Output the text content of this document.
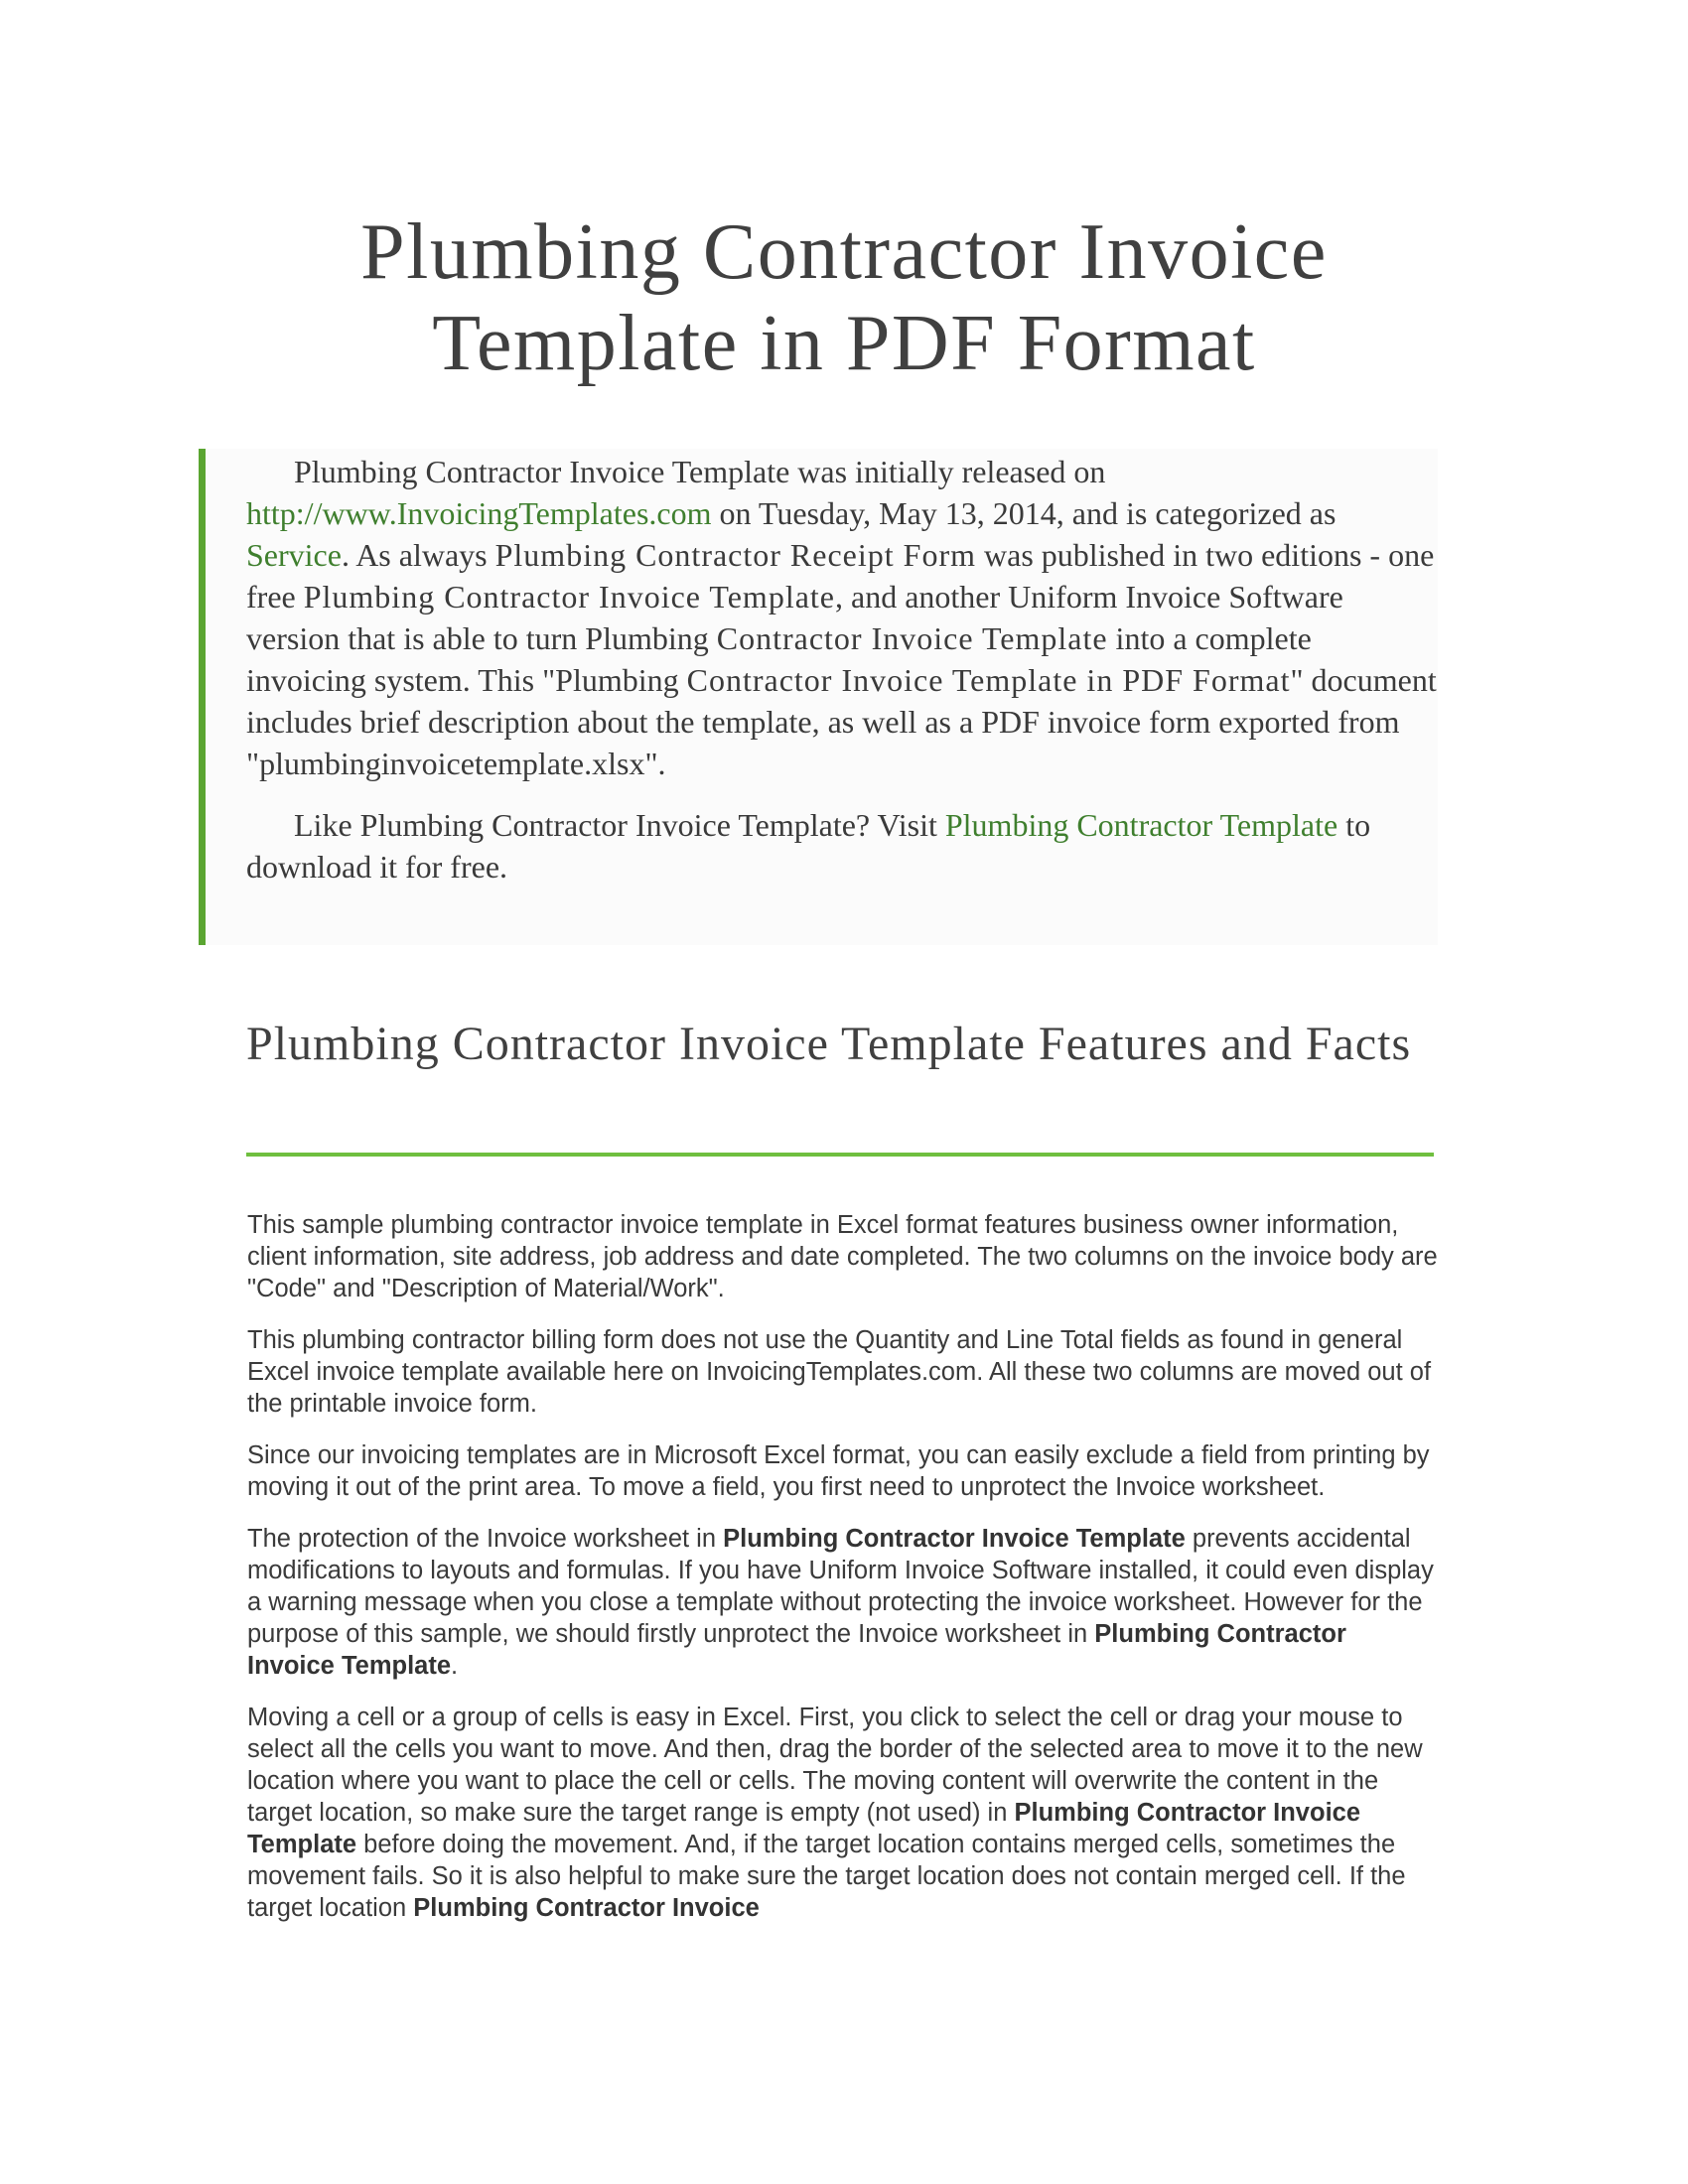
Plumbing Contractor Invoice
Template in PDF Format

Plumbing Contractor Invoice Template was initially released on http://www.InvoicingTemplates.com on Tuesday, May 13, 2014, and is categorized as Service. As always Plumbing Contractor Receipt Form was published in two editions - one free Plumbing Contractor Invoice Template, and another Uniform Invoice Software version that is able to turn Plumbing Contractor Invoice Template into a complete invoicing system. This "Plumbing Contractor Invoice Template in PDF Format" document includes brief description about the template, as well as a PDF invoice form exported from "plumbinginvoicetemplate.xlsx".

Like Plumbing Contractor Invoice Template? Visit Plumbing Contractor Template to download it for free.

Plumbing Contractor Invoice Template Features and Facts

This sample plumbing contractor invoice template in Excel format features business owner information, client information, site address, job address and date completed. The two columns on the invoice body are "Code" and "Description of Material/Work".

This plumbing contractor billing form does not use the Quantity and Line Total fields as found in general Excel invoice template available here on InvoicingTemplates.com. All these two columns are moved out of the printable invoice form.

Since our invoicing templates are in Microsoft Excel format, you can easily exclude a field from printing by moving it out of the print area. To move a field, you first need to unprotect the Invoice worksheet.

The protection of the Invoice worksheet in Plumbing Contractor Invoice Template prevents accidental modifications to layouts and formulas. If you have Uniform Invoice Software installed, it could even display a warning message when you close a template without protecting the invoice worksheet. However for the purpose of this sample, we should firstly unprotect the Invoice worksheet in Plumbing Contractor Invoice Template.

Moving a cell or a group of cells is easy in Excel. First, you click to select the cell or drag your mouse to select all the cells you want to move. And then, drag the border of the selected area to move it to the new location where you want to place the cell or cells. The moving content will overwrite the content in the target location, so make sure the target range is empty (not used) in Plumbing Contractor Invoice Template before doing the movement. And, if the target location contains merged cells, sometimes the movement fails. So it is also helpful to make sure the target location does not contain merged cell. If the target location Plumbing Contractor Invoice
